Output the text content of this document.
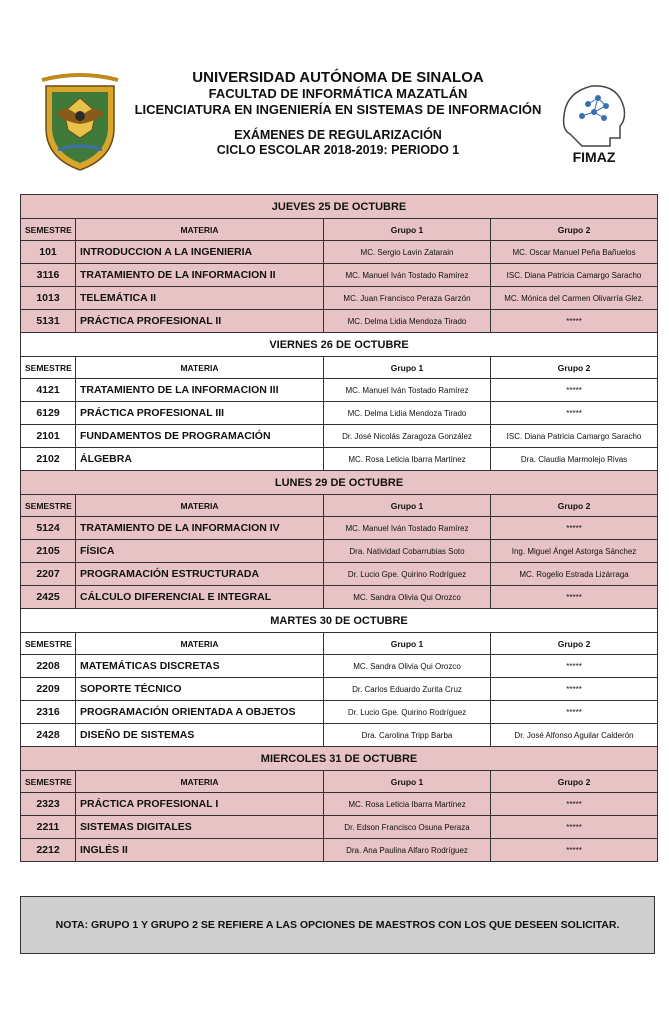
UNIVERSIDAD AUTÓNOMA DE SINALOA
FACULTAD DE INFORMÁTICA MAZATLÁN
LICENCIATURA EN INGENIERÍA EN SISTEMAS DE INFORMACIÓN
EXÁMENES DE REGULARIZACIÓN
CICLO ESCOLAR 2018-2019: PERIODO 1	FIMAZ
JUEVES 25 DE OCTUBRE			
SEMESTRE	MATERIA	Grupo 1	Grupo 2
101	INTRODUCCION A LA INGENIERIA	MC. Sergio Lavin Zatarain	MC. Oscar Manuel Peña Bañuelos
3116	TRATAMIENTO DE LA INFORMACION II	MC. Manuel Iván Tostado Ramírez	ISC. Diana Patricia Camargo Saracho
1013	TELEMÁTICA II	MC. Juan Francisco Peraza Garzón	MC. Mónica del Carmen Olivarría Glez.
5131	PRÁCTICA PROFESIONAL II	MC. Delma Lidia Mendoza Tirado	*****
VIERNES 26 DE OCTUBRE			
SEMESTRE	MATERIA	Grupo 1	Grupo 2
4121	TRATAMIENTO DE LA INFORMACION III	MC. Manuel Iván Tostado Ramírez	*****
6129	PRÁCTICA PROFESIONAL III	MC. Delma Lidia Mendoza Tirado	*****
2101	FUNDAMENTOS DE PROGRAMACIÓN	Dr. José Nicolás Zaragoza González	ISC. Diana Patricia Camargo Saracho
2102	ÁLGEBRA	MC. Rosa Leticia Ibarra Martínez	Dra. Claudia Marmolejo Rivas
LUNES 29 DE OCTUBRE			
SEMESTRE	MATERIA	Grupo 1	Grupo 2
5124	TRATAMIENTO DE LA INFORMACION IV	MC. Manuel Iván Tostado Ramírez	*****
2105	FÍSICA	Dra. Natividad Cobarrubias Soto	Ing. Miguel Ángel Astorga Sánchez
2207	PROGRAMACIÓN ESTRUCTURADA	Dr. Lucio Gpe. Quirino Rodríguez	MC. Rogelio Estrada Lizárraga
2425	CÁLCULO DIFERENCIAL E INTEGRAL	MC. Sandra Olivia Qui Orozco	*****
MARTES 30 DE OCTUBRE			
SEMESTRE	MATERIA	Grupo 1	Grupo 2
2208	MATEMÁTICAS DISCRETAS	MC. Sandra Olivia Qui Orozco	*****
2209	SOPORTE TÉCNICO	Dr. Carlos Eduardo Zurita Cruz	*****
2316	PROGRAMACIÓN ORIENTADA A OBJETOS	Dr. Lucio Gpe. Quirino Rodríguez	*****
2428	DISEÑO DE SISTEMAS	Dra. Carolina Tripp Barba	Dr. José Alfonso Aguilar Calderón
MIERCOLES 31 DE OCTUBRE			
SEMESTRE	MATERIA	Grupo 1	Grupo 2
2323	PRÁCTICA PROFESIONAL I	MC. Rosa Leticia Ibarra Martínez	*****
2211	SISTEMAS DIGITALES	Dr. Edson Francisco Osuna Peraza	*****
2212	INGLÉS II	Dra. Ana Paulina Alfaro Rodríguez	*****
NOTA: GRUPO 1 Y GRUPO 2 SE REFIERE A LAS OPCIONES DE MAESTROS CON LOS QUE DESEEN SOLICITAR.
